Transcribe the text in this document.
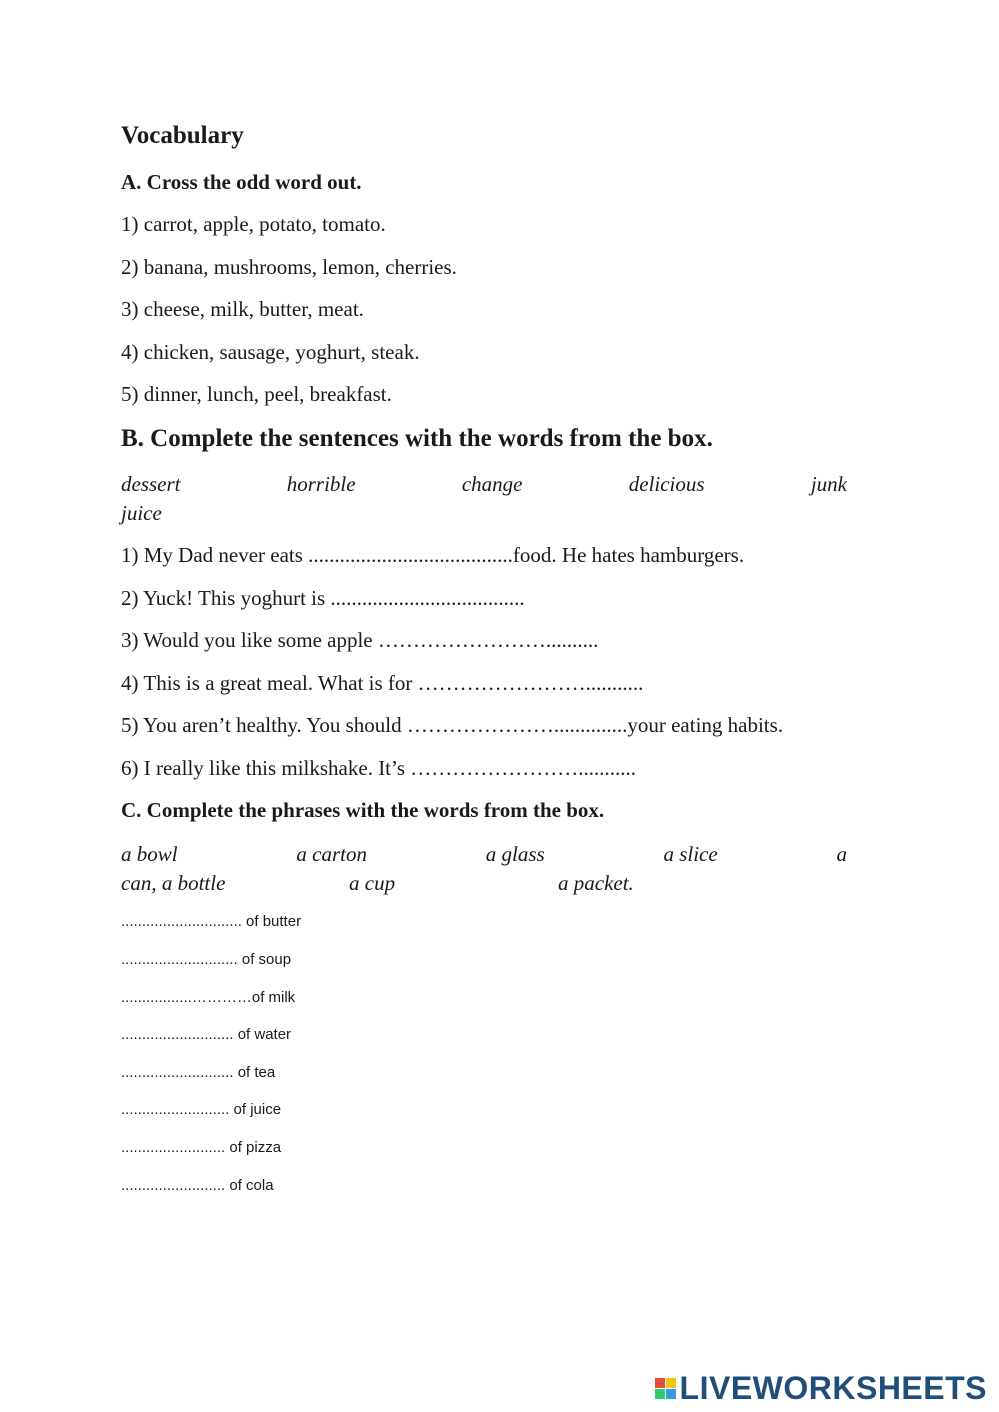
Vocabulary
A. Cross the odd word out.
1) carrot, apple, potato, tomato.
2) banana, mushrooms, lemon, cherries.
3) cheese, milk, butter, meat.
4) chicken, sausage, yoghurt, steak.
5) dinner, lunch, peel, breakfast.
B. Complete the sentences with the words from the box.
dessert	horrible	change	delicious	junk
juice
1) My Dad never eats .......................................food. He hates hamburgers.
2) Yuck! This yoghurt is .....................................
3) Would you like some apple ……………………..........
4) This is a great meal. What is for ……………………...........
5) You aren’t healthy. You should …………………..............your eating habits.
6) I really like this milkshake. It’s ……………………...........
C. Complete the phrases with the words from the box.
a bowl	a carton	a glass	a slice	a
can, a bottle	a cup	a packet.
............................. of butter
............................ of soup
.................…………of milk
........................... of water
........................... of tea
.......................... of juice
......................... of pizza
......................... of cola
LIVEWORKSHEETS
